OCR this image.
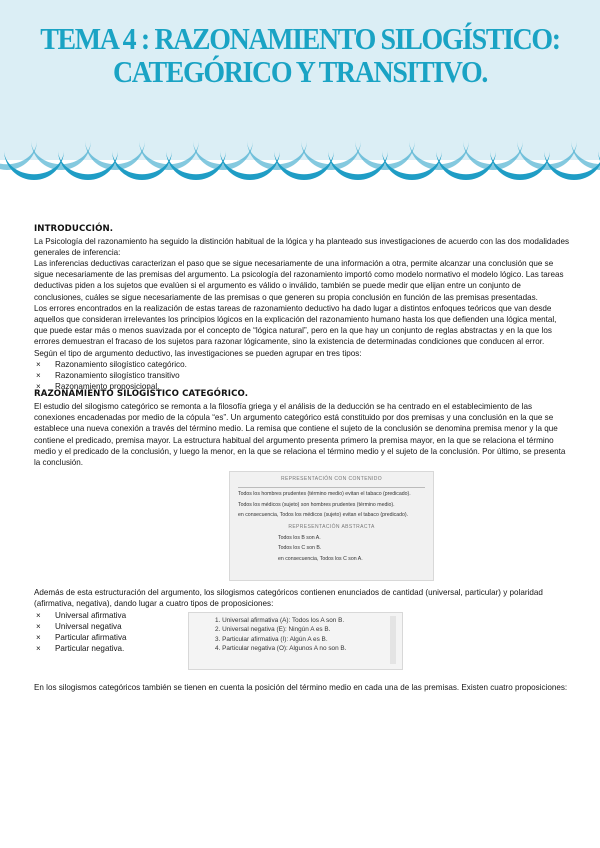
TEMA 4 : RAZONAMIENTO SILOGÍSTICO:
CATEGÓRICO Y TRANSITIVO.

INTRODUCCIÓN.

La Psicología del razonamiento ha seguido la distinción habitual de la lógica y ha planteado sus investigaciones de acuerdo con las dos modalidades generales de inferencia:

Las inferencias deductivas caracterizan el paso que se sigue necesariamente de una información a otra, permite alcanzar una conclusión que se sigue necesariamente de las premisas del argumento. La psicología del razonamiento importó como modelo normativo el modelo lógico. Las tareas deductivas piden a los sujetos que evalúen si el argumento es válido o inválido, también se puede medir que elijan entre un conjunto de conclusiones, cuáles se sigue necesariamente de las premisas o que generen su propia conclusión en función de las premisas presentadas.

Los errores encontrados en la realización de estas tareas de razonamiento deductivo ha dado lugar a distintos enfoques teóricos que van desde aquellos que consideran irrelevantes los principios lógicos en la explicación del razonamiento humano hasta los que defienden una lógica mental, que puede estar más o menos suavizada por el concepto de “lógica natural”, pero en la que hay un conjunto de reglas abstractas y en la que los errores demuestran el fracaso de los sujetos para razonar lógicamente, sino la existencia de determinadas condiciones que conducen al error.

Según el tipo de argumento deductivo, las investigaciones se pueden agrupar en tres tipos:

× Razonamiento silogístico categórico.
× Razonamiento silogístico transitivo
× Razonamiento proposicional.

RAZONAMIENTO SILOGÍSTICO CATEGÓRICO.

El estudio del silogismo categórico se remonta a la filosofía griega y el análisis de la deducción se ha centrado en el establecimiento de las conexiones encadenadas por medio de la cópula “es”. Un argumento categórico está constituido por dos premisas y una conclusión en la que se establece una nueva conexión a través del término medio. La remisa que contiene el sujeto de la conclusión se denomina premisa menor y la que contiene el predicado, premisa mayor. La estructura habitual del argumento presenta primero la premisa mayor, en la que se relaciona el término medio y el predicado de la conclusión, y luego la menor, en la que se relaciona el término medio y el sujeto de la conclusión. Por último, se presenta la conclusión.

REPRESENTACIÓN CON CONTENIDO

Todos los hombres prudentes (término medio) evitan el tabaco (predicado).

Todos los médicos (sujeto) son hombres prudentes (término medio).

en consecuencia, Todos los médicos (sujeto) evitan el tabaco (predicado).

REPRESENTACIÓN ABSTRACTA

Todos los B son A.

Todos los C son B.

en consecuencia, Todos los C son A.

Además de esta estructuración del argumento, los silogismos categóricos contienen enunciados de cantidad (universal, particular) y polaridad (afirmativa, negativa), dando lugar a cuatro tipos de proposiciones:

× Universal afirmativa
× Universal negativa
× Particular afirmativa
× Particular negativa.
1. Universal afirmativa (A): Todos los A son B.
2. Universal negativa (E): Ningún A es B.
3. Particular afirmativa (I): Algún A es B.
4. Particular negativa (O): Algunos A no son B.

En los silogismos categóricos también se tienen en cuenta la posición del término medio en cada una de las premisas. Existen cuatro proposiciones:
